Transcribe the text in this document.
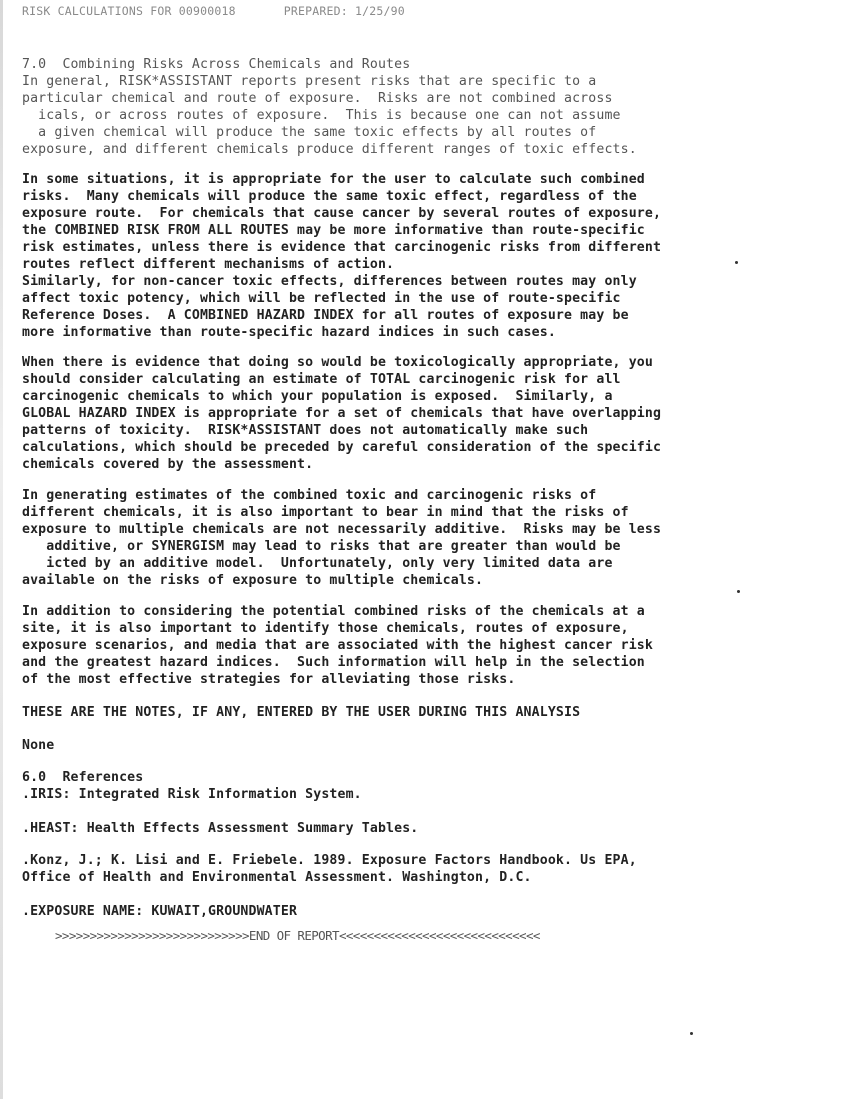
RISK CALCULATIONS FOR 00900018	PREPARED: 1/25/90
7.0  Combining Risks Across Chemicals and Routes
In general, RISK*ASSISTANT reports present risks that are specific to a
particular chemical and route of exposure.  Risks are not combined across
icals, or across routes of exposure.  This is because one can not assume
a given chemical will produce the same toxic effects by all routes of
exposure, and different chemicals produce different ranges of toxic effects.
In some situations, it is appropriate for the user to calculate such combined
risks.  Many chemicals will produce the same toxic effect, regardless of the
exposure route.  For chemicals that cause cancer by several routes of exposure,
the COMBINED RISK FROM ALL ROUTES may be more informative than route-specific
risk estimates, unless there is evidence that carcinogenic risks from different
routes reflect different mechanisms of action.
Similarly, for non-cancer toxic effects, differences between routes may only
affect toxic potency, which will be reflected in the use of route-specific
Reference Doses.  A COMBINED HAZARD INDEX for all routes of exposure may be
more informative than route-specific hazard indices in such cases.
When there is evidence that doing so would be toxicologically appropriate, you
should consider calculating an estimate of TOTAL carcinogenic risk for all
carcinogenic chemicals to which your population is exposed.  Similarly, a
GLOBAL HAZARD INDEX is appropriate for a set of chemicals that have overlapping
patterns of toxicity.  RISK*ASSISTANT does not automatically make such
calculations, which should be preceded by careful consideration of the specific
chemicals covered by the assessment.
In generating estimates of the combined toxic and carcinogenic risks of
different chemicals, it is also important to bear in mind that the risks of
exposure to multiple chemicals are not necessarily additive.  Risks may be less
additive, or SYNERGISM may lead to risks that are greater than would be
icted by an additive model.  Unfortunately, only very limited data are
available on the risks of exposure to multiple chemicals.
In addition to considering the potential combined risks of the chemicals at a
site, it is also important to identify those chemicals, routes of exposure,
exposure scenarios, and media that are associated with the highest cancer risk
and the greatest hazard indices.  Such information will help in the selection
of the most effective strategies for alleviating those risks.
THESE ARE THE NOTES, IF ANY, ENTERED BY THE USER DURING THIS ANALYSIS
None
6.0  References
.IRIS: Integrated Risk Information System.
.HEAST: Health Effects Assessment Summary Tables.
.Konz, J.; K. Lisi and E. Friebele. 1989. Exposure Factors Handbook. Us EPA,
Office of Health and Environmental Assessment. Washington, D.C.
.EXPOSURE NAME: KUWAIT,GROUNDWATER
>>>>>>>>>>>>>>>>>>>>>>>>>>>>END OF REPORT<<<<<<<<<<<<<<<<<<<<<<<<<<<<<
